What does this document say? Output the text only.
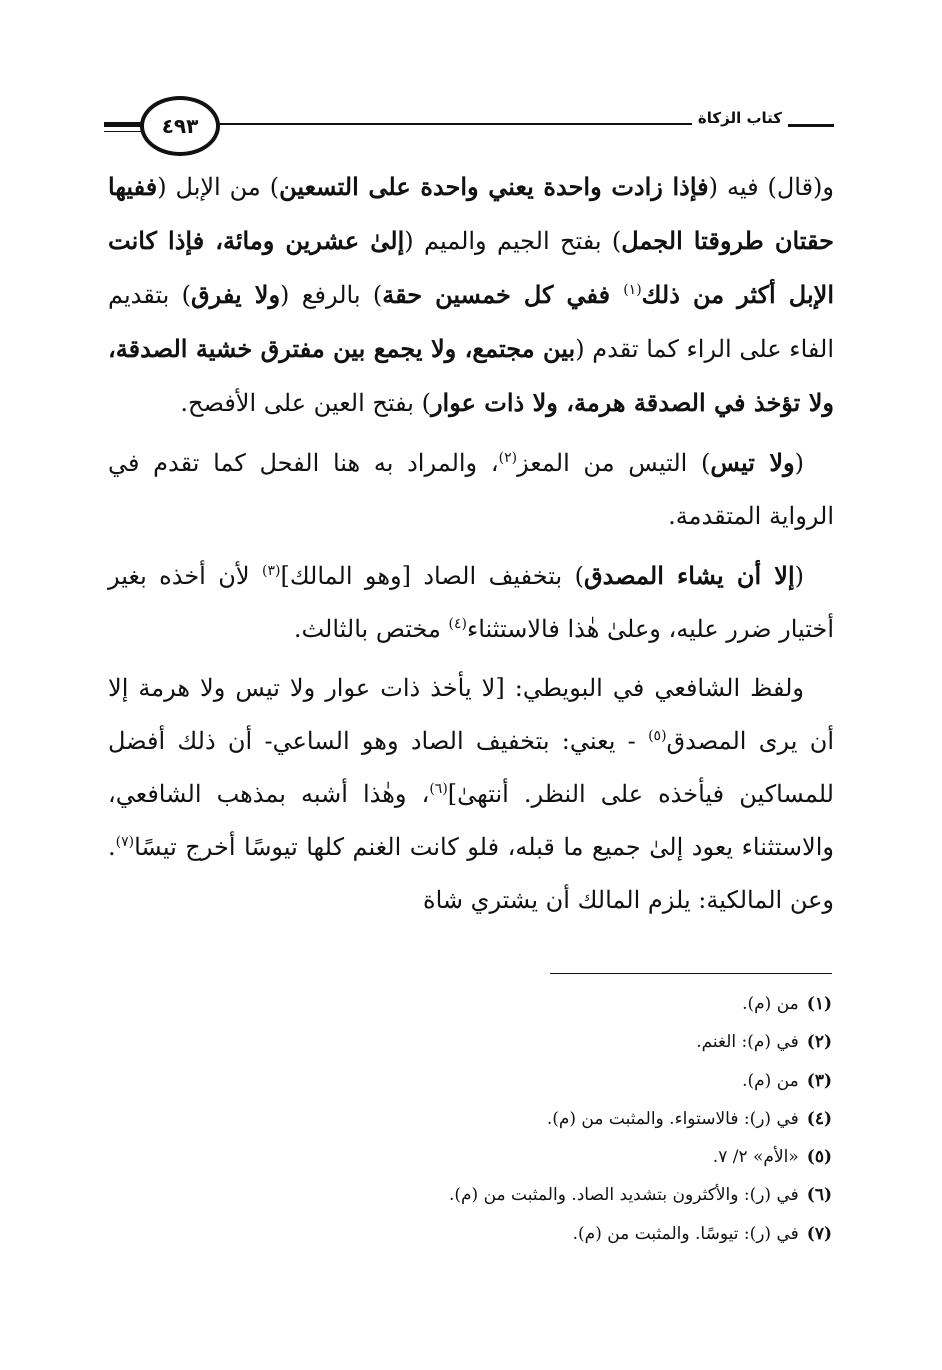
٤٩٣	كتاب الزكاة

و(قال) فيه (فإذا زادت واحدة يعني واحدة على التسعين) من الإبل (ففيها حقتان طروقتا الجمل) بفتح الجيم والميم (إلىٰ عشرين ومائة، فإذا كانت الإبل أكثر من ذلك$^{(١)}$ ففي كل خمسين حقة) بالرفع (ولا يفرق) بتقديم الفاء على الراء كما تقدم (بين مجتمع، ولا يجمع بين مفترق خشية الصدقة، ولا تؤخذ في الصدقة هرمة، ولا ذات عوار) بفتح العين على الأفصح.

(ولا تيس) التيس من المعز$^{(٢)}$، والمراد به هنا الفحل كما تقدم في الرواية المتقدمة.

(إلا أن يشاء المصدق) بتخفيف الصاد [وهو المالك]$^{(٣)}$ لأن أخذه بغير أختيار ضرر عليه، وعلىٰ هٰذا فالاستثناء$^{(٤)}$ مختص بالثالث.

ولفظ الشافعي في البويطي: [لا يأخذ ذات عوار ولا تيس ولا هرمة إلا أن يرى المصدق$^{(٥)}$ - يعني: بتخفيف الصاد وهو الساعي- أن ذلك أفضل للمساكين فيأخذه على النظر. أنتهىٰ]$^{(٦)}$، وهٰذا أشبه بمذهب الشافعي، والاستثناء يعود إلىٰ جميع ما قبله، فلو كانت الغنم كلها تيوسًا أخرج تيسًا$^{(٧)}$. وعن المالكية: يلزم المالك أن يشتري شاة

(١)من (م).
(٢)في (م): الغنم.
(٣)من (م).
(٤)في (ر): فالاستواء. والمثبت من (م).
(٥)«الأم» ٢/ ٧.
(٦)في (ر): والأكثرون بتشديد الصاد. والمثبت من (م).
(٧)في (ر): تيوسًا. والمثبت من (م).
